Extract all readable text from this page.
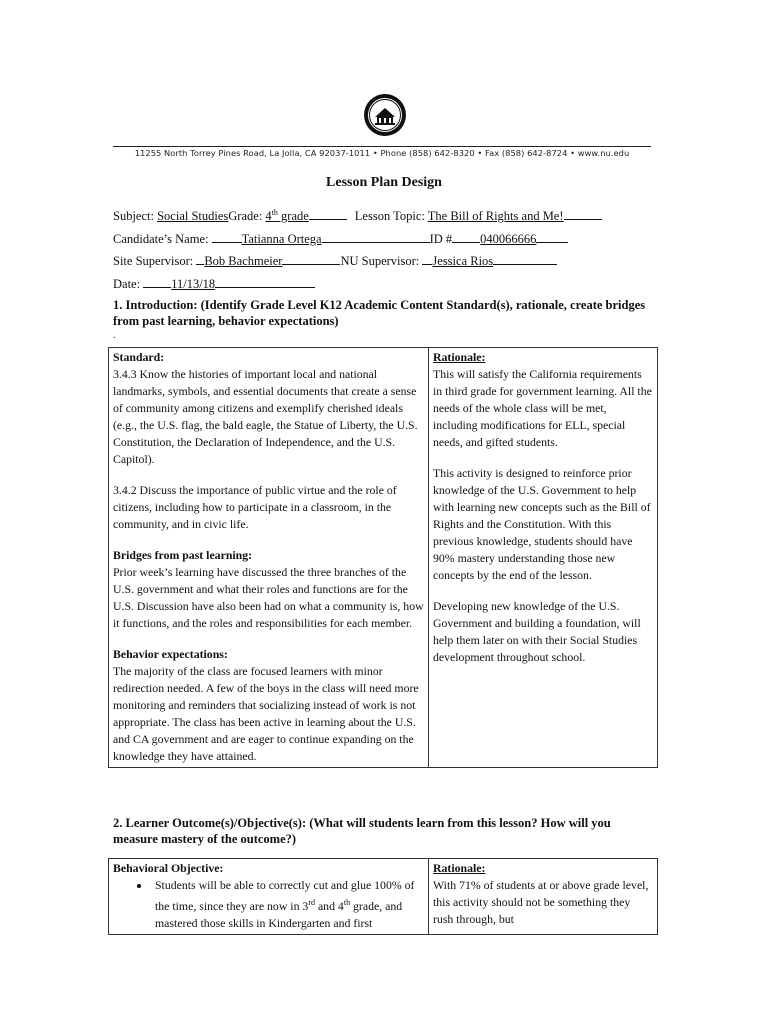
11255 North Torrey Pines Road, La Jolla, CA 92037-1011 • Phone (858) 642-8320 • Fax (858) 642-8724 • www.nu.edu
Lesson Plan Design
Subject: Social StudiesGrade: 4th grade	Lesson Topic: The Bill of Rights and Me!
Candidate’s Name: Tatianna Ortega	ID # 040066666
Site Supervisor: Bob Bachmeier	NU Supervisor: Jessica Rios
Date: 11/13/18
1. Introduction: (Identify Grade Level K12 Academic Content Standard(s), rationale, create bridges from past learning, behavior expectations)
.
Standard:
3.4.3 Know the histories of important local and national landmarks, symbols, and essential documents that create a sense of community among citizens and exemplify cherished ideals (e.g., the U.S. flag, the bald eagle, the Statue of Liberty, the U.S. Constitution, the Declaration of Independence, and the U.S. Capitol).
3.4.2 Discuss the importance of public virtue and the role of citizens, including how to participate in a classroom, in the community, and in civic life.
Bridges from past learning:
Prior week’s learning have discussed the three branches of the U.S. government and what their roles and functions are for the U.S. Discussion have also been had on what a community is, how it functions, and the roles and responsibilities for each member.
Behavior expectations:
The majority of the class are focused learners with minor redirection needed. A few of the boys in the class will need more monitoring and reminders that socializing instead of work is not appropriate. The class has been active in learning about the U.S. and CA government and are eager to continue expanding on the knowledge they have attained.

Rationale:
This will satisfy the California requirements in third grade for government learning. All the needs of the whole class will be met, including modifications for ELL, special needs, and gifted students.
This activity is designed to reinforce prior knowledge of the U.S. Government to help with learning new concepts such as the Bill of Rights and the Constitution. With this previous knowledge, students should have 90% mastery understanding those new concepts by the end of the lesson.
Developing new knowledge of the U.S. Government and building a foundation, will help them later on with their Social Studies development throughout school.
2. Learner Outcome(s)/Objective(s): (What will students learn from this lesson? How will you measure mastery of the outcome?)
Behavioral Objective:
• Students will be able to correctly cut and glue 100% of the time, since they are now in 3rd and 4th grade, and mastered those skills in Kindergarten and first

Rationale:
With 71% of students at or above grade level, this activity should not be something they rush through, but
